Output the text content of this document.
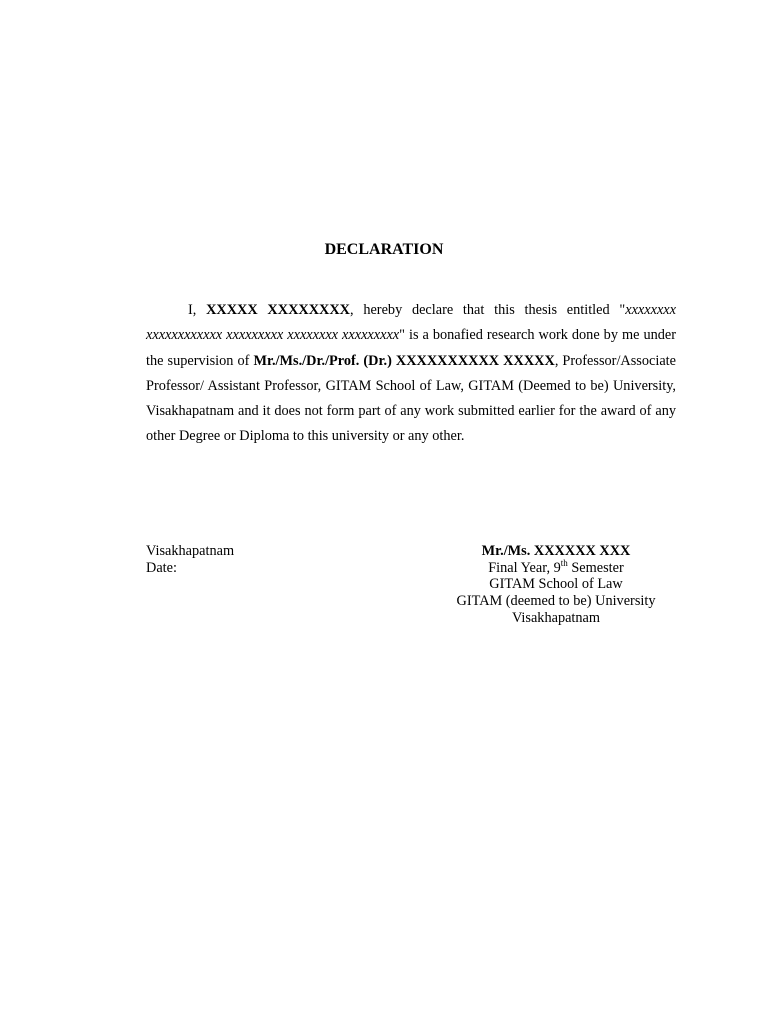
DECLARATION

I, XXXXX XXXXXXXX, hereby declare that this thesis entitled "xxxxxxxx xxxxxxxxxxxx xxxxxxxxx xxxxxxxx xxxxxxxxx" is a bonafied research work done by me under the supervision of Mr./Ms./Dr./Prof. (Dr.) XXXXXXXXXX XXXXX, Professor/Associate Professor/ Assistant Professor, GITAM School of Law, GITAM (Deemed to be) University, Visakhapatnam and it does not form part of any work submitted earlier for the award of any other Degree or Diploma to this university or any other.

Visakhapatnam
Date:
Mr./Ms. XXXXXX XXX
Final Year, 9th Semester
GITAM School of Law
GITAM (deemed to be) University
Visakhapatnam
